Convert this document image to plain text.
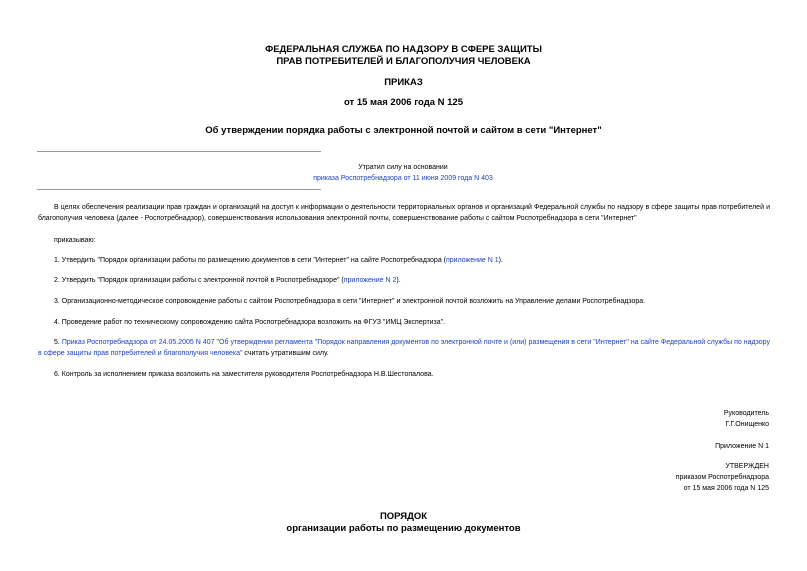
ФЕДЕРАЛЬНАЯ СЛУЖБА ПО НАДЗОРУ В СФЕРЕ ЗАЩИТЫ
ПРАВ ПОТРЕБИТЕЛЕЙ И БЛАГОПОЛУЧИЯ ЧЕЛОВЕКА
ПРИКАЗ
от 15 мая 2006 года N 125
Об утверждении порядка работы с электронной почтой и сайтом в сети "Интернет"
Утратил силу на основании
приказа Роспотребнадзора от 11 июня 2009 года N 403
В целях обеспечения реализации прав граждан и организаций на доступ к информации о деятельности территориальных органов и организаций Федеральной службы по надзору в сфере защиты прав потребителей и благополучия человека (далее - Роспотребнадзор), совершенствования использования электронной почты, совершенствование работы с сайтом Роспотребнадзора в сети "Интернет"
приказываю:
1. Утвердить "Порядок организации работы по размещению документов в сети "Интернет" на сайте Роспотребнадзора (приложение N 1).
2. Утвердить "Порядок организации работы с электронной почтой в Роспотребнадзоре" (приложение N 2).
3. Организационно-методическое сопровождение работы с сайтом Роспотребнадзора в сети "Интернет" и электронной почтой возложить на Управление делами Роспотребнадзора.
4. Проведение работ по техническому сопровождению сайта Роспотребнадзора возложить на ФГУЗ "ИМЦ Экспертиза".
5. Приказ Роспотребнадзора от 24.05.2005 N 407 "Об утверждении регламента "Порядок направления документов по электронной почте и (или) размещения в сети "Интернет" на сайте Федеральной службы по надзору в сфере защиты прав потребителей и благополучия человека" считать утратившим силу.
6. Контроль за исполнением приказа возложить на заместителя руководителя Роспотребнадзора Н.В.Шестопалова.
Руководитель
Г.Г.Онищенко
Приложение N 1
УТВЕРЖДЕН
приказом Роспотребнадзора
от 15 мая 2006 года N 125
ПОРЯДОК
организации работы по размещению документов
